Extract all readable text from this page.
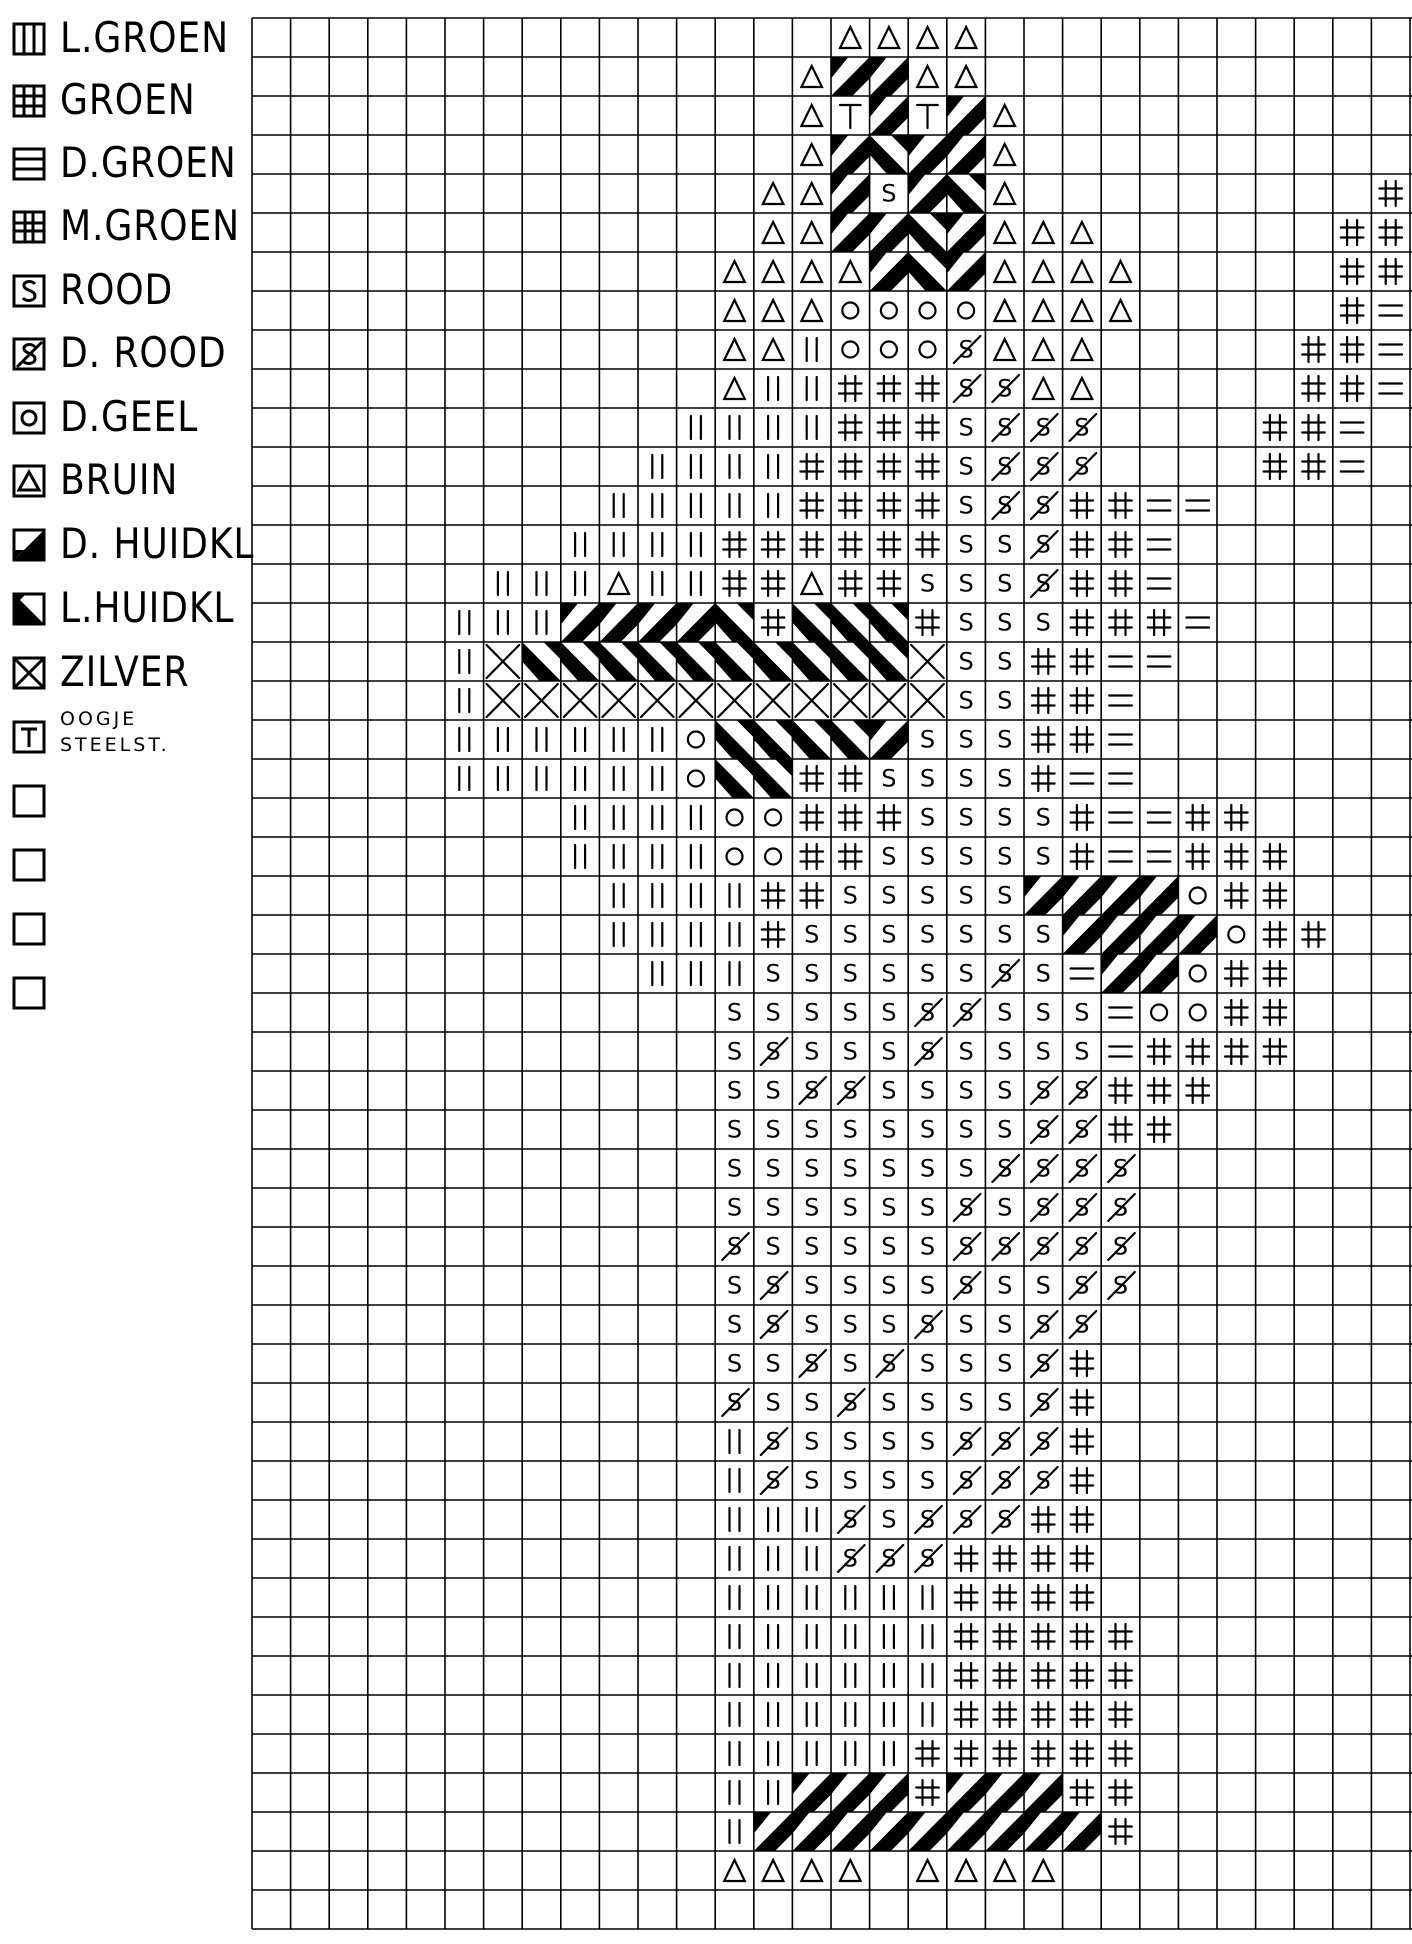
L.GROEN
GROEN
D.GROEN
M.GROEN
ROOD
D. ROOD
D.GEEL
BRUIN
D. HUIDKL
L.HUIDKL
ZILVER
OOGJE
STEELST.
S
S
S S
S S S S
S S S S
S S S
S S S
S S S S
S S S
S S
S S
S S S
S S S S
S S S S
S S S S S
S S S S S
S S S S S S S
S S S S S S S S
S S S S S S S S S S
S S S S S S S S S S
S S S S S S S S S S
S S S S S S S S S S
S S S S S S S S S S S
S S S S S S S S S S S
S S S S S S S S S S S
S S S S S S S S S S S
S S S S S S S S S S
S S S S S S S S S
S S S S S S S S S
S S S S S S S S
S S S S S S S S
S S S S S
S S S
